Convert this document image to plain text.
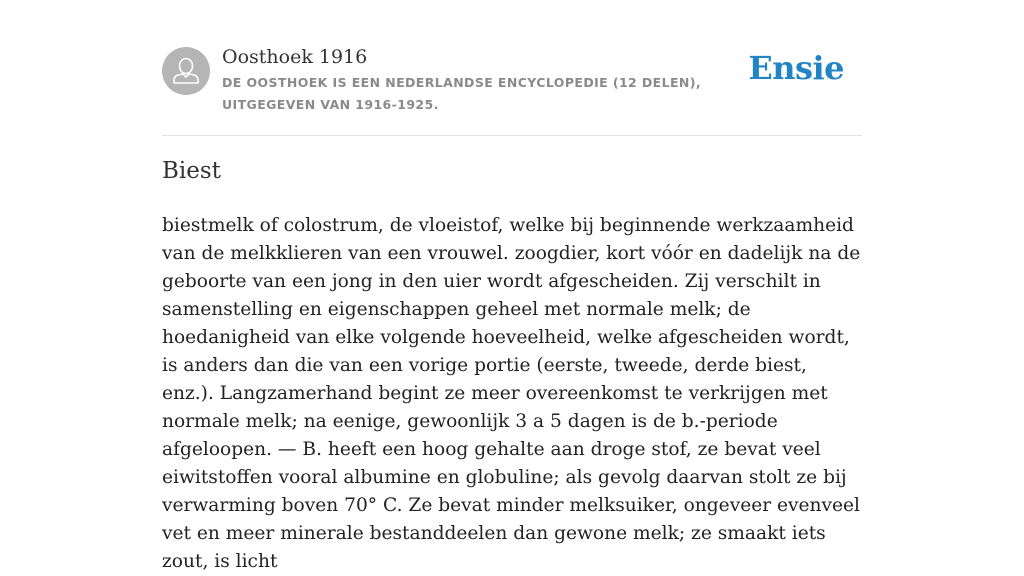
Oosthoek 1916
DE OOSTHOEK IS EEN NEDERLANDSE ENCYCLOPEDIE (12 DELEN), UITGEGEVEN VAN 1916-1925.
Ensie
Biest

biestmelk of colostrum, de vloeistof, welke bij beginnende werkzaamheid van de melkklieren van een vrouwel. zoogdier, kort vóór en dadelijk na de geboorte van een jong in den uier wordt afgescheiden. Zij verschilt in samenstelling en eigenschappen geheel met normale melk; de hoedanigheid van elke volgende hoeveelheid, welke afgescheiden wordt, is anders dan die van een vorige portie (eerste, tweede, derde biest, enz.). Langzamerhand begint ze meer overeenkomst te verkrijgen met normale melk; na eenige, gewoonlijk 3 a 5 dagen is de b.-periode afgeloopen. — B. heeft een hoog gehalte aan droge stof, ze bevat veel eiwitstoffen vooral albumine en globuline; als gevolg daarvan stolt ze bij verwarming boven 70° C. Ze bevat minder melksuiker, ongeveer evenveel vet en meer minerale bestanddeelen dan gewone melk; ze smaakt iets zout, is licht
